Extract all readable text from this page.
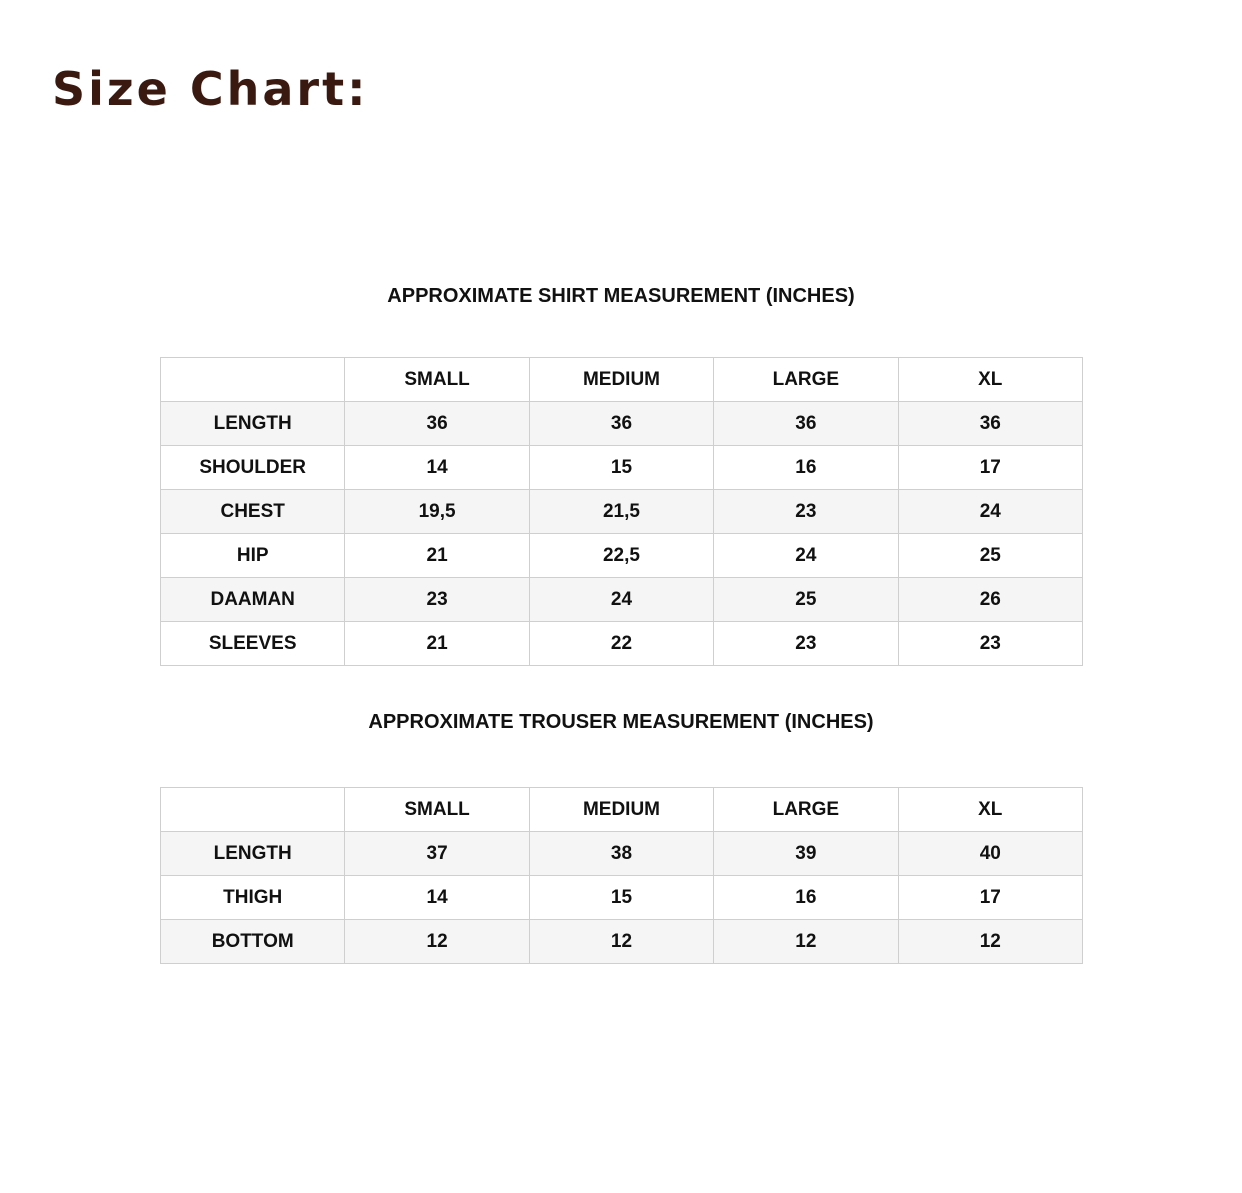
Size Chart:
APPROXIMATE SHIRT MEASUREMENT (INCHES)
	SMALL	MEDIUM	LARGE	XL
LENGTH	36	36	36	36
SHOULDER	14	15	16	17
CHEST	19,5	21,5	23	24
HIP	21	22,5	24	25
DAAMAN	23	24	25	26
SLEEVES	21	22	23	23
APPROXIMATE TROUSER MEASUREMENT (INCHES)
	SMALL	MEDIUM	LARGE	XL
LENGTH	37	38	39	40
THIGH	14	15	16	17
BOTTOM	12	12	12	12
